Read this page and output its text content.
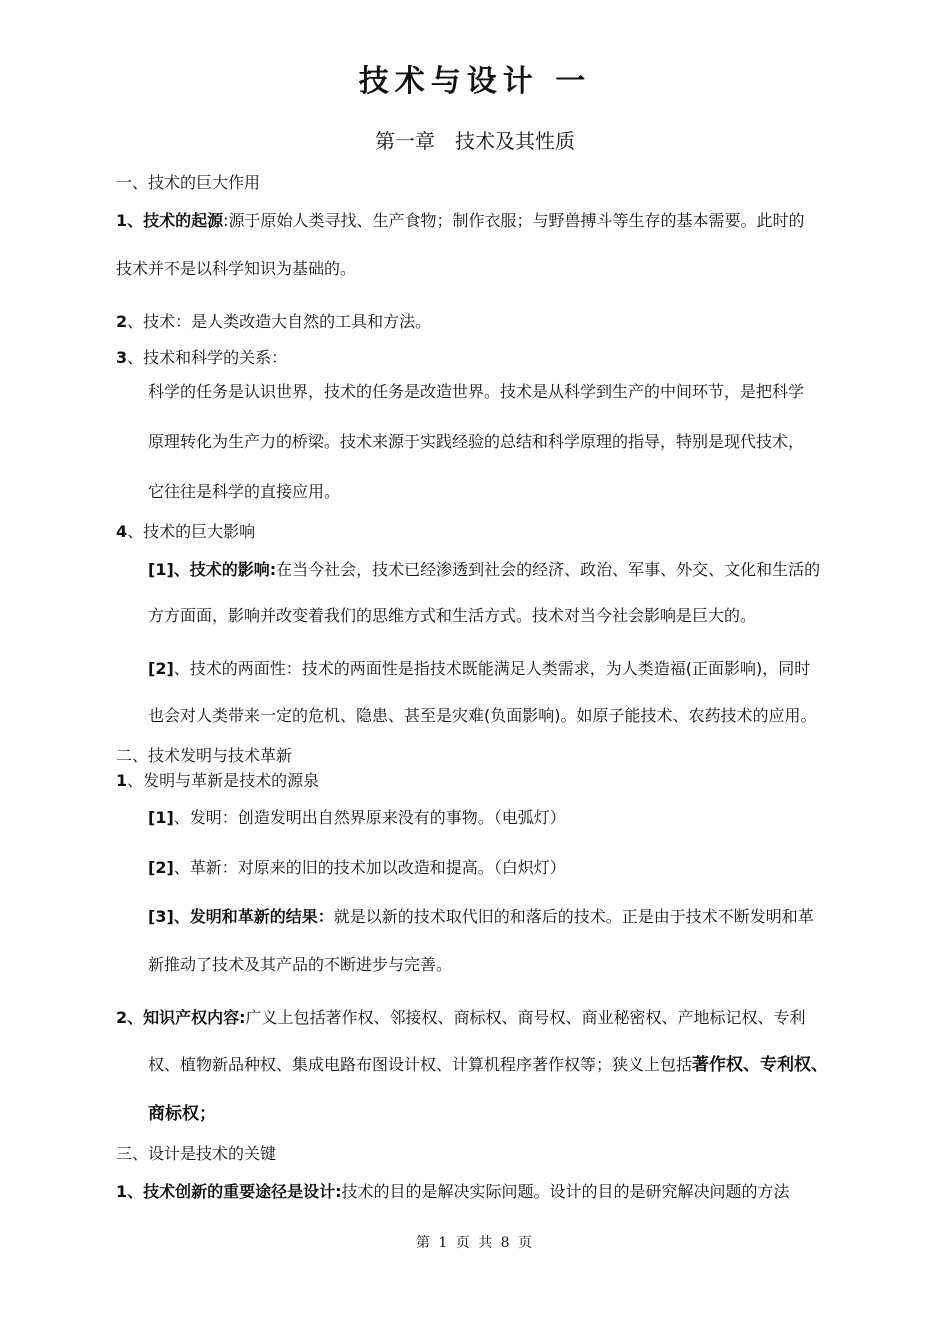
技术与设计 一
第一章　技术及其性质
一、技术的巨大作用
1、技术的起源:源于原始人类寻找、生产食物；制作衣服；与野兽搏斗等生存的基本需要。此时的
技术并不是以科学知识为基础的。
2、技术：是人类改造大自然的工具和方法。
3、技术和科学的关系：
科学的任务是认识世界，技术的任务是改造世界。技术是从科学到生产的中间环节，是把科学
原理转化为生产力的桥梁。技术来源于实践经验的总结和科学原理的指导，特别是现代技术，
它往往是科学的直接应用。
4、技术的巨大影响
[1]、技术的影响:在当今社会，技术已经渗透到社会的经济、政治、军事、外交、文化和生活的
方方面面，影响并改变着我们的思维方式和生活方式。技术对当今社会影响是巨大的。
[2]、技术的两面性：技术的两面性是指技术既能满足人类需求，为人类造福(正面影响)，同时
也会对人类带来一定的危机、隐患、甚至是灾难(负面影响)。如原子能技术、农药技术的应用。
二、技术发明与技术革新
1、发明与革新是技术的源泉
[1]、发明：创造发明出自然界原来没有的事物。（电弧灯）
[2]、革新：对原来的旧的技术加以改造和提高。（白炽灯）
[3]、发明和革新的结果：就是以新的技术取代旧的和落后的技术。正是由于技术不断发明和革
新推动了技术及其产品的不断进步与完善。
2、知识产权内容:广义上包括著作权、邻接权、商标权、商号权、商业秘密权、产地标记权、专利
权、植物新品种权、集成电路布图设计权、计算机程序著作权等；狭义上包括著作权、专利权、
商标权；
三、设计是技术的关键
1、技术创新的重要途径是设计:技术的目的是解决实际问题。设计的目的是研究解决问题的方法
第 1 页 共 8 页
